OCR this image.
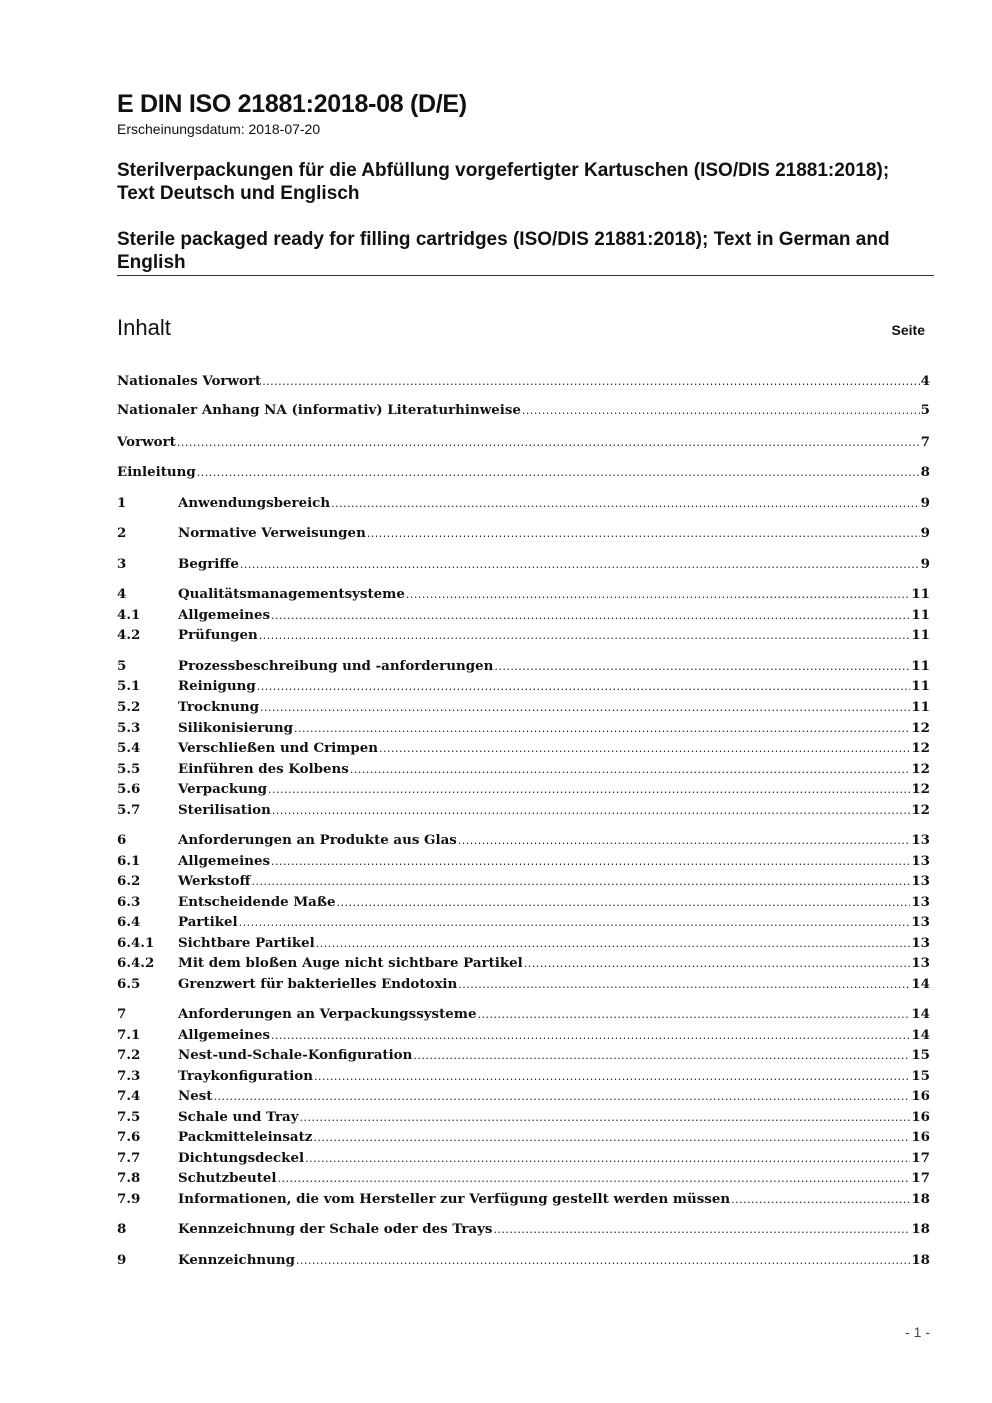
E DIN ISO 21881:2018-08 (D/E)
Erscheinungsdatum: 2018-07-20
Sterilverpackungen für die Abfüllung vorgefertigter Kartuschen (ISO/DIS 21881:2018); Text Deutsch und Englisch
Sterile packaged ready for filling cartridges (ISO/DIS 21881:2018); Text in German and English
Inhalt	Seite
Nationales Vorwort .....	4
Nationaler Anhang NA (informativ) Literaturhinweise .....	5
Vorwort .....	7
Einleitung .....	8
1	Anwendungsbereich .....	9
2	Normative Verweisungen .....	9
3	Begriffe .....	9
4	Qualitätsmanagementsysteme .....	11
4.1	Allgemeines .....	11
4.2	Prüfungen .....	11
5	Prozessbeschreibung und -anforderungen .....	11
5.1	Reinigung .....	11
5.2	Trocknung .....	11
5.3	Silikonisierung .....	12
5.4	Verschließen und Crimpen .....	12
5.5	Einführen des Kolbens .....	12
5.6	Verpackung .....	12
5.7	Sterilisation .....	12
6	Anforderungen an Produkte aus Glas .....	13
6.1	Allgemeines .....	13
6.2	Werkstoff .....	13
6.3	Entscheidende Maße .....	13
6.4	Partikel .....	13
6.4.1	Sichtbare Partikel .....	13
6.4.2	Mit dem bloßen Auge nicht sichtbare Partikel .....	13
6.5	Grenzwert für bakterielles Endotoxin .....	14
7	Anforderungen an Verpackungssysteme .....	14
7.1	Allgemeines .....	14
7.2	Nest-und-Schale-Konfiguration .....	15
7.3	Traykonfiguration .....	15
7.4	Nest .....	16
7.5	Schale und Tray .....	16
7.6	Packmitteleinsatz .....	16
7.7	Dichtungsdeckel .....	17
7.8	Schutzbeutel .....	17
7.9	Informationen, die vom Hersteller zur Verfügung gestellt werden müssen .....	18
8	Kennzeichnung der Schale oder des Trays .....	18
9	Kennzeichnung .....	18
- 1 -
